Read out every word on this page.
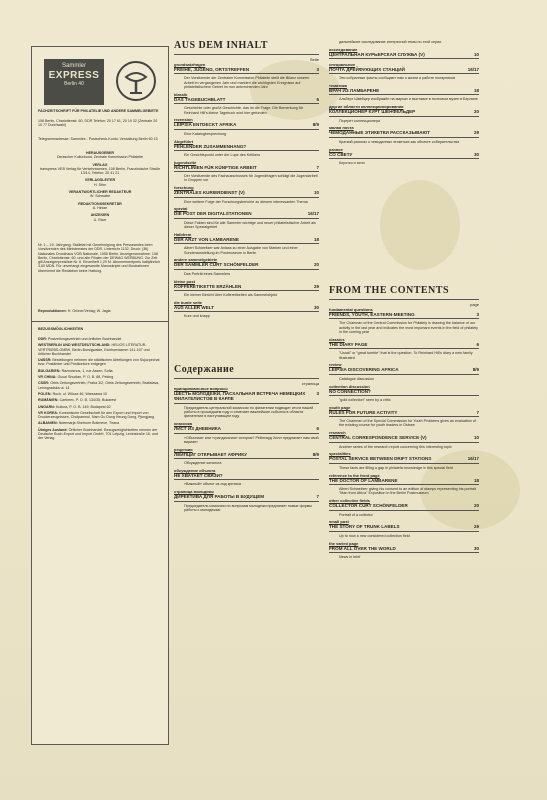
Sammler
EXPRESS
Berlin 40
FACHZEITSCHRIFT FÜR PHILATELIE UND ANDERE SAMMELGEBIETE
108 Berlin, Charlottenstr. 60, DDR Telefon: 20 17 61, 20 19 32 (Zentrale 20 10 77 Durchwahl)
Telegrammadresse: Sammlex - Postscheck-Konto: Verwaltung Berlin 60 15
HERAUSGEBER
Deutscher Kulturbund, Zentrale Kommission Philatelie
VERLAG
transpress VEB Verlag für Verkehrswesen, 108 Berlin, Französische Straße 13/14, Telefon: 20 41 21
VERLAGSLEITER
H. Stirn
VERANTWORTLICHER REDAKTEUR
W. Schwabe
REDAKTIONSSEKRETÄR
A. Hintze
ANZEIGEN
U. Eiser
Nr. 1 – 19. Jahrgang. Stalletat mit Genehmigung des Presseamtes beim Vorsitzenden des Ministerrates der DDR, Unterrichr 1132, Druck: (36) Nationales Druckhaus VOB Nationale, 1055 Berlin. Anzeigenannahme: 108 Berlin, Charlottenstr. 60, und alle Filialen der DEWAG WERBUNG. Zur Zeit gilt Anzeigenpreisliste Nr. 6. Einzelheft 1,20 M. Abonnementpreis halbjährlich 3,60 MDN. Für unverlangt eingesandte Manuskripte und Illustrationen übernimmt die Redaktion keine Haftung.
Reproduktionen: H. Grüner/Verlag; W. Jagla
BEZUGSMÖGLICHKEITEN
DDR: Postzeitungsvertrieb und örtlicher Buchhandel
WESTBERLIN UND WESTDEUTSCHLAND: HELIOS LITERATUR-VERTRIEBS-GMBH, Berlin-Borsigwalde, Eichborndamm 141-167 und örtlicher Buchhandel
UdSSR: Bestellungen nehmen die städtischen Abteilungen von Sojuzpechat bzw. Postämter und Postkontore entgegen
BULGARIEN: Raznoiznos, 1, rue Assen, Sofia
VR CHINA: Guozi Shudian, P. O. B. 88, Peking
CSSR: Orbis Zeitungsvertrieb, Praha 3/2, Orbis Zeitungsvertrieb, Bratislava, Leningradska ul. 14
POLEN: Ruch, ul. Wilcza 46, Warszawa 10
RUMÄNIEN: Cartimex, P. O. B. 134/35, Bukarest
UNGARN: Kultura, P. O. B. 149, Budapest 62
VR KOREA: Koreanische Gesellschaft für den Export und Import von Druckerzeugnissen, Chulpanmul, Nam Gu Dong Heung Dong, Pjongjang
ALBANIEN: Ndermarja Shetnore Botimeve, Tirana
Übriges Ausland: Örtlicher Buchhandel. Bezugsmöglichkeiten nennen der Deutsche Buch-Export und Import GmbH, 701 Leipzig, Leninstraße 16, und der Verlag
AUS DEM INHALT
Seite
grundsatzfragen
3
FREIHE, JUGEND, ORTSTREFFEN
Der Vorsitzende der Zentralen Kommission Philatelie stellt die Bilanz unserer Arbeit im vergangenen Jahr und markiert die wichtigsten Ereignisse auf philatelistischem Gebiet im nun anbrechenden Jahr
klassik
6
DAS TAGEBUCHBLATT
Geschichte oder große Geschichte, das ist die Frage. Die Bemerkung für Reinhard Hill's kleine Tagebuch wird hier gefunden
rezension
8/9
LEIPSIA ENTDECKT AFRIKA
Eine Katalogbesprechung
Abgeführt
FEHLENDER ZUSAMMENHANG?
Ein Gesichtspunkt unter der Lupe des Kritikers
jugendseite
7
RICHTLINIEN FÜR KÜNFTIGE ARBEIT
Der Vorsitzende des Fachausschusses für Jugendfragen schlägt die Jugendarbeit in Gruppen vor
forschung
10
ZENTRALES KURIERDIENST (V)
Eine weitere Folge der Forschungsberichte zu diesem interessanten Thema
spezial
16/17
DIE POST DER DIGITALSTATIONEN
Diese Fakten sind für alle Sammler wichtige und neuer philatelistischer Arbeit als dieser Spezialgebiet
Halbfrem
18
DER ARZT VON LAMBARENE
Albert Schweitzer war Anlass zu einer Ausgabe von Marken und einer Sonderausstellung im Postmuseum in Berlin
andere sammelgebiete
20
DER SAMMLER CURT SCHÖNFELDER
Das Porträt eines Sammlers
kleine post
29
KOFFERETIKETTE ERZÄHLEN
Ein kleiner Bericht über Kofferetiketten als Sammelobjekt
die bunte seite
30
AUS ALLER WELT
Kurz und knapp
Содержание
страница
принципиальные вопросы
3
ШЕСТЬ МОЛОДЕЖИ, ПАСХАЛЬНАЯ ВСТРЕЧА НЕМЕЦКИХ ФИЛАТЕЛИСТОВ В КАРЛЕ
Председатель центральной комиссии по филателии подводит итоги нашей работы в прошедшем году и отмечает важнейшие события в области филателии в наступающем году
классика
6
ЛИСТ ИЗ ДНЕВНИКА
«Обычная» или «грандиозная» история? Рейнхард Хилл предлагает нам свой вариант
рецензия
8/9
ЛЕЙПЦИГ ОТКРЫВАЕТ АФРИКУ
Обсуждение каталога
обсуждение объекта
НЕ ХВАТАЕТ СВЯЗИ?
«Важный» объект из-под критика
страница молодежи
7
ДИРЕКТИВА ДЛЯ РАБОТЫ В БУДУЩЕМ
Председатель комиссии по вопросам молодежи предлагает новые формы работы с молодежью
дальнейшее исследование интересной темы по этой серии
исследование
10
ЦЕНТРАЛЬНАЯ КУРЬЕРСКАЯ СЛУЖБА (V)
специальное
16/17
ПОЧТА ДРЕЙФУЮЩИХ СТАНЦИЙ
Эти собранные факты сообщают нам о жизни и работе полярников
тематика
18
ВРАЧ ИЗ ЛАМБАРЕНЕ
Альберт Швейцер изображён на марках и выставке в почтовом музее в Берлине
другие области коллекционирования
20
КОЛЛЕКЦИОНЕР КУРТ ШЁНФЕЛЬДЕР
Портрет коллекционера
малая почта
29
ЧЕМОДАННЫЕ ЭТИКЕТКИ РАССКАЗЫВАЮТ
Краткий рассказ о чемоданных этикетках как объекте собирательства
разное
30
СО СВЕТУ
Коротко и ясно
FROM THE CONTENTS
page
fundamental questions
3
FRIENDS, YOUTH, EASTERN-MEETING
The Chairman of the Central Commission for Philately is drawing the balance of our activity in the last year and indicates the most important events in the field of philately in the coming year
classics
6
THE DIARY PAGE
"Usual" or "great tumble" that is the question. To Reinhard Hill's diary a new family illustrated
review
8/9
LEIPSIA DISCOVERING AFRICA
Catalogue discussion
collection discussion
NO CONNECTION?
"gold collection" seen by a critic
youth page
7
RULES FOR FUTURE ACTIVITY
The Chairman of the Special Commission for Youth Problems gives an evaluation of the existing course for youth leaders in Ostsee
research
10
CENTRAL CORRESPONDENCE SERVICE (V)
Another series of the research report concerning this interesting topic
specialities
16/17
POSTAL SERVICE BETWEEN DRIFT STATIONS
These facts are filling a gap in philatelic knowledge in this special field
reference to the front page
18
THE DOCTOR OF LAMBARENE
Albert Schweitzer giving his consent to an edition of stamps representing his portrait "Man from Africa" Exposition in the Berlin Postmuseum
other collective fields
20
COLLECTOR CURT SCHÖNFELDER
Portrait of a collector
small post
29
THE STORY OF TRUNK LABELS
Up to now a new considered collection field
the varied page
30
FROM ALL OVER THE WORLD
News in brief
